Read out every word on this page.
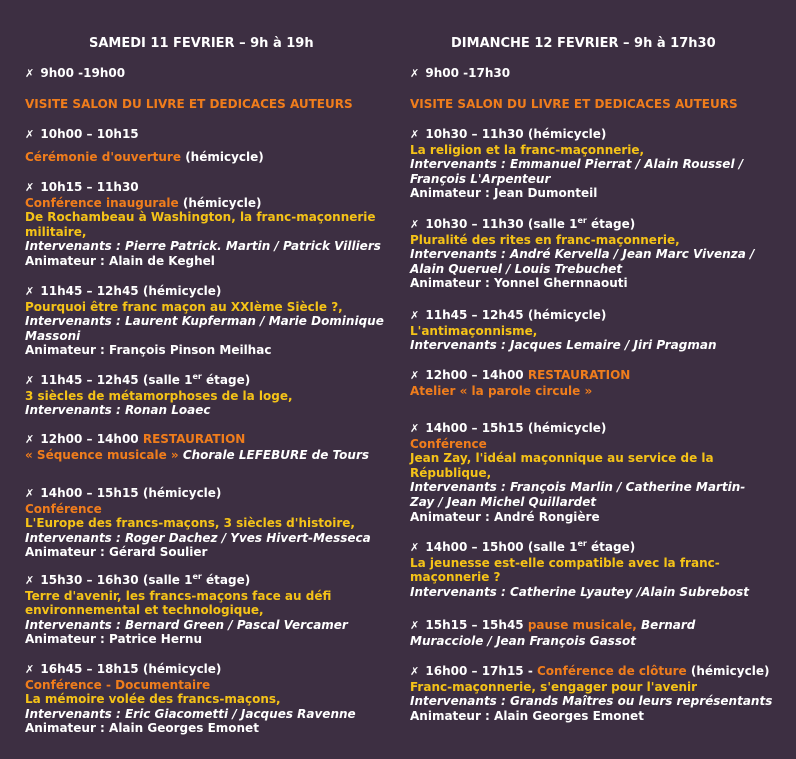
SAMEDI 11 FEVRIER – 9h à 19h
✗ 9h00 -19h00
VISITE SALON DU LIVRE ET DEDICACES AUTEURS
✗ 10h00 – 10h15
Cérémonie d'ouverture (hémicycle)
✗ 10h15 – 11h30
Conférence inaugurale (hémicycle)
De Rochambeau à Washington, la franc-maçonnerie
militaire,
Intervenants : Pierre Patrick. Martin / Patrick Villiers
Animateur : Alain de Keghel
✗ 11h45 – 12h45 (hémicycle)
Pourquoi être franc maçon au XXIème Siècle ?,
Intervenants : Laurent Kupferman / Marie Dominique
Massoni
Animateur : François Pinson Meilhac
✗ 11h45 – 12h45 (salle 1er étage)
3 siècles de métamorphoses de la loge,
Intervenants : Ronan Loaec
✗ 12h00 – 14h00 RESTAURATION
« Séquence musicale » Chorale LEFEBURE de Tours
✗ 14h00 – 15h15 (hémicycle)
Conférence
L'Europe des francs-maçons, 3 siècles d'histoire,
Intervenants : Roger Dachez / Yves Hivert-Messeca
Animateur : Gérard Soulier
✗ 15h30 – 16h30 (salle 1er étage)
Terre d'avenir, les francs-maçons face au défi
environnemental et technologique,
Intervenants : Bernard Green / Pascal Vercamer
Animateur : Patrice Hernu
✗ 16h45 – 18h15 (hémicycle)
Conférence - Documentaire
La mémoire volée des francs-maçons,
Intervenants : Eric Giacometti / Jacques Ravenne
Animateur : Alain Georges Emonet
DIMANCHE 12 FEVRIER – 9h à 17h30
✗ 9h00 -17h30
VISITE SALON DU LIVRE ET DEDICACES AUTEURS
✗ 10h30 – 11h30 (hémicycle)
La religion et la franc-maçonnerie,
Intervenants : Emmanuel Pierrat / Alain Roussel /
François L'Arpenteur
Animateur : Jean Dumonteil
✗ 10h30 – 11h30 (salle 1er étage)
Pluralité des rites en franc-maçonnerie,
Intervenants : André Kervella / Jean Marc Vivenza /
Alain Queruel / Louis Trebuchet
Animateur : Yonnel Ghernnaouti
✗ 11h45 – 12h45 (hémicycle)
L'antimaçonnisme,
Intervenants : Jacques Lemaire / Jiri Pragman
✗ 12h00 – 14h00 RESTAURATION
Atelier « la parole circule »
✗ 14h00 – 15h15 (hémicycle)
Conférence
Jean Zay, l'idéal maçonnique au service de la
République,
Intervenants : François Marlin / Catherine Martin-
Zay / Jean Michel Quillardet
Animateur : André Rongière
✗ 14h00 – 15h00 (salle 1er étage)
La jeunesse est-elle compatible avec la franc-
maçonnerie ?
Intervenants : Catherine Lyautey /Alain Subrebost
✗ 15h15 – 15h45 pause musicale, Bernard
Muracciole / Jean François Gassot
✗ 16h00 – 17h15 - Conférence de clôture (hémicycle)
Franc-maçonnerie, s'engager pour l'avenir
Intervenants : Grands Maîtres ou leurs représentants
Animateur : Alain Georges Emonet
